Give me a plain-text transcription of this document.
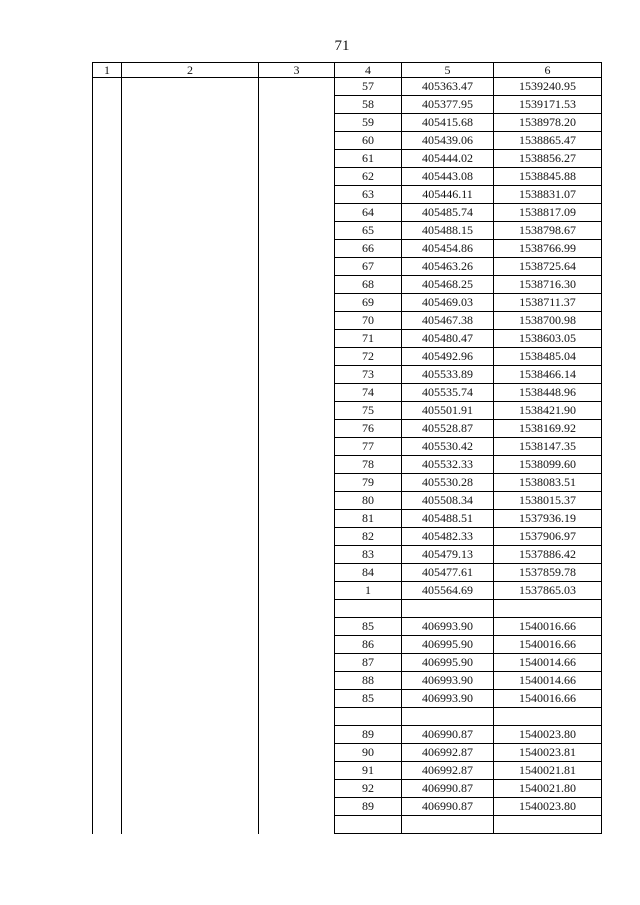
71
1	2	3	4	5	6
			57	405363.47	1539240.95
			58	405377.95	1539171.53
			59	405415.68	1538978.20
			60	405439.06	1538865.47
			61	405444.02	1538856.27
			62	405443.08	1538845.88
			63	405446.11	1538831.07
			64	405485.74	1538817.09
			65	405488.15	1538798.67
			66	405454.86	1538766.99
			67	405463.26	1538725.64
			68	405468.25	1538716.30
			69	405469.03	1538711.37
			70	405467.38	1538700.98
			71	405480.47	1538603.05
			72	405492.96	1538485.04
			73	405533.89	1538466.14
			74	405535.74	1538448.96
			75	405501.91	1538421.90
			76	405528.87	1538169.92
			77	405530.42	1538147.35
			78	405532.33	1538099.60
			79	405530.28	1538083.51
			80	405508.34	1538015.37
			81	405488.51	1537936.19
			82	405482.33	1537906.97
			83	405479.13	1537886.42
			84	405477.61	1537859.78
			1	405564.69	1537865.03

			85	406993.90	1540016.66
			86	406995.90	1540016.66
			87	406995.90	1540014.66
			88	406993.90	1540014.66
			85	406993.90	1540016.66

			89	406990.87	1540023.80
			90	406992.87	1540023.81
			91	406992.87	1540021.81
			92	406990.87	1540021.80
			89	406990.87	1540023.80
